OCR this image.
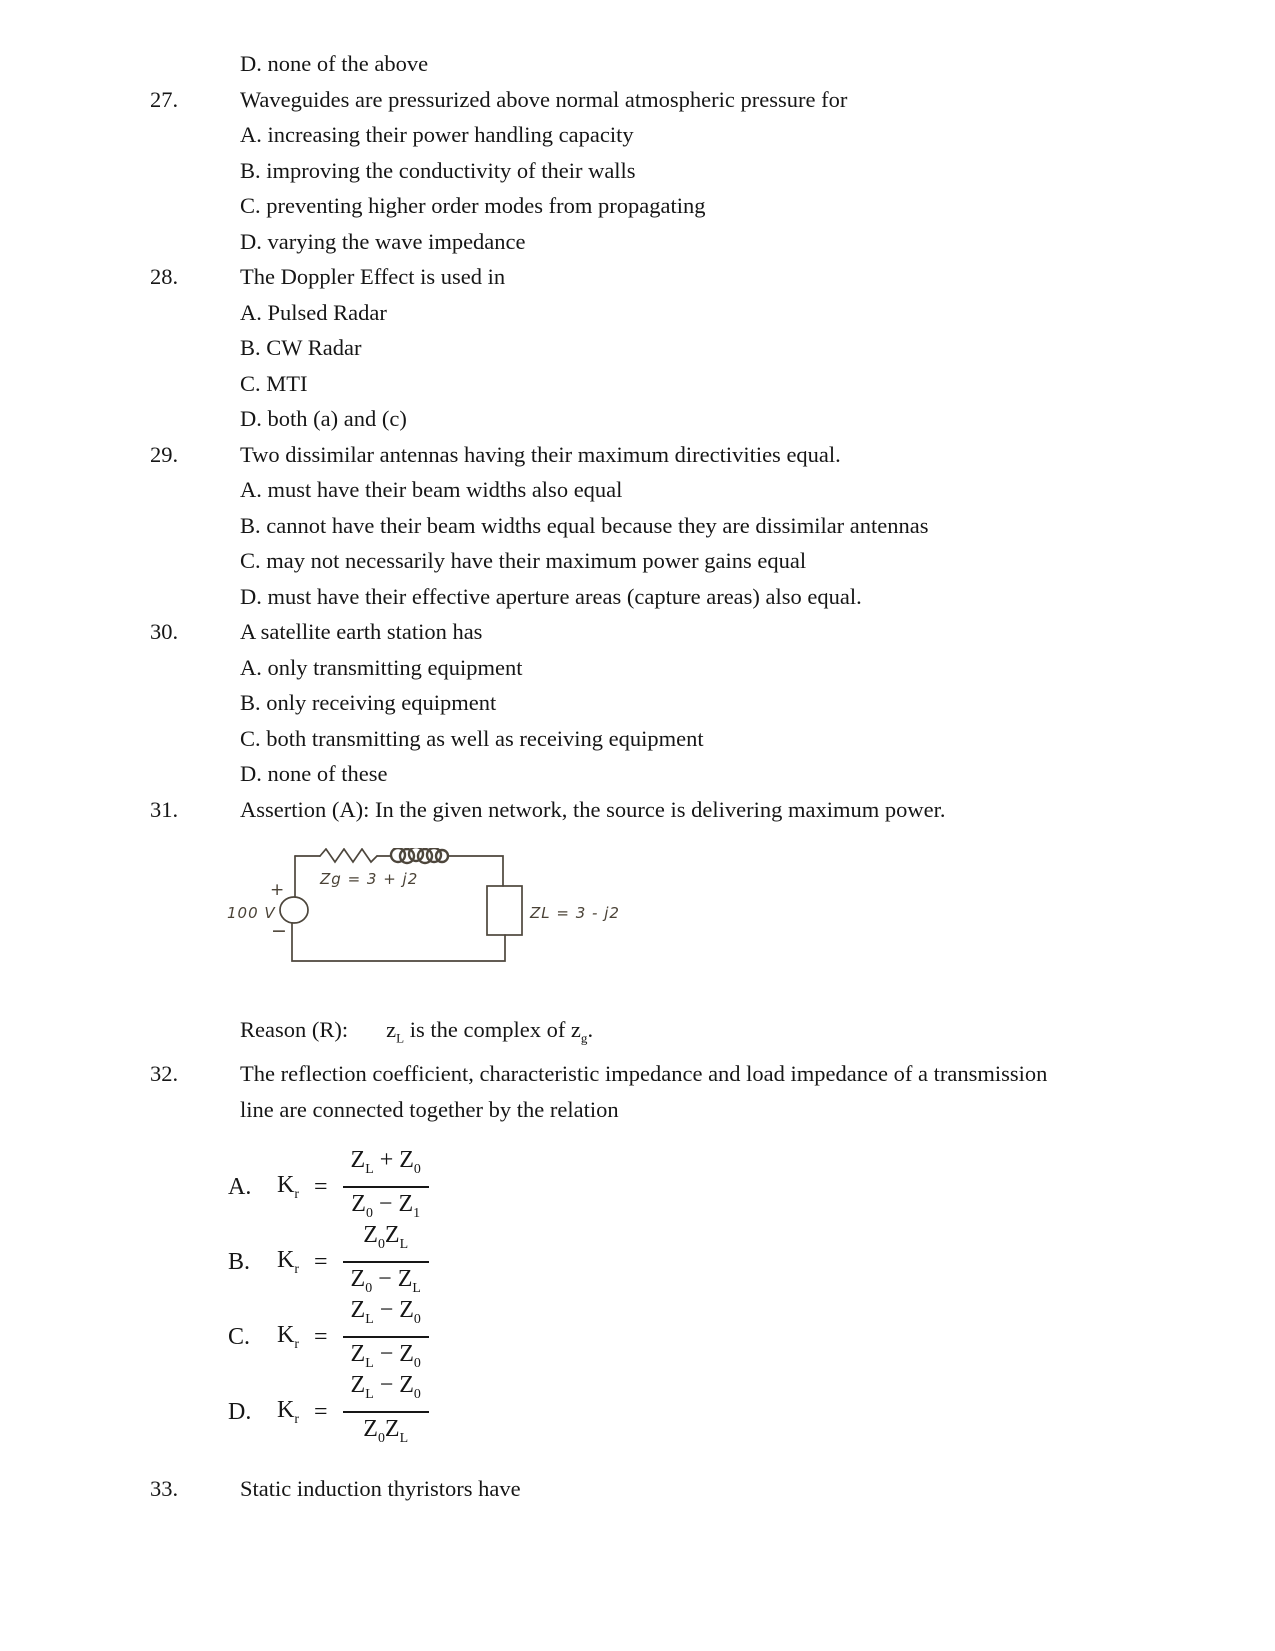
D. none of the above
27.	Waveguides are pressurized above normal atmospheric pressure for
A. increasing their power handling capacity
B. improving the conductivity of their walls
C. preventing higher order modes from propagating
D. varying the wave impedance
28.	The Doppler Effect is used in
A. Pulsed Radar
B. CW Radar
C. MTI
D. both (a) and (c)
29.	Two dissimilar antennas having their maximum directivities equal.
A. must have their beam widths also equal
B. cannot have their beam widths equal because they are dissimilar antennas
C. may not necessarily have their maximum power gains equal
D. must have their effective aperture areas (capture areas) also equal.
30.	A satellite earth station has
A. only transmitting equipment
B. only receiving equipment
C. both transmitting as well as receiving equipment
D. none of these
31.	Assertion (A): In the given network, the source is delivering maximum power.
+
−
100 V
Zg = 3 + j2
ZL = 3 - j2
Reason (R): $z_L$ is the complex of $z_g$.
32.	The reflection coefficient, characteristic impedance and load impedance of a transmission
line are connected together by the relation
A.	$K_r = \frac{Z_L + Z_0}{Z_0 - Z_1}$
B.	$K_r = \frac{Z_0Z_L}{Z_0 - Z_L}$
C.	$K_r = \frac{Z_L - Z_0}{Z_L - Z_0}$
D.	$K_r = \frac{Z_L - Z_0}{Z_0Z_L}$
33.	Static induction thyristors have
